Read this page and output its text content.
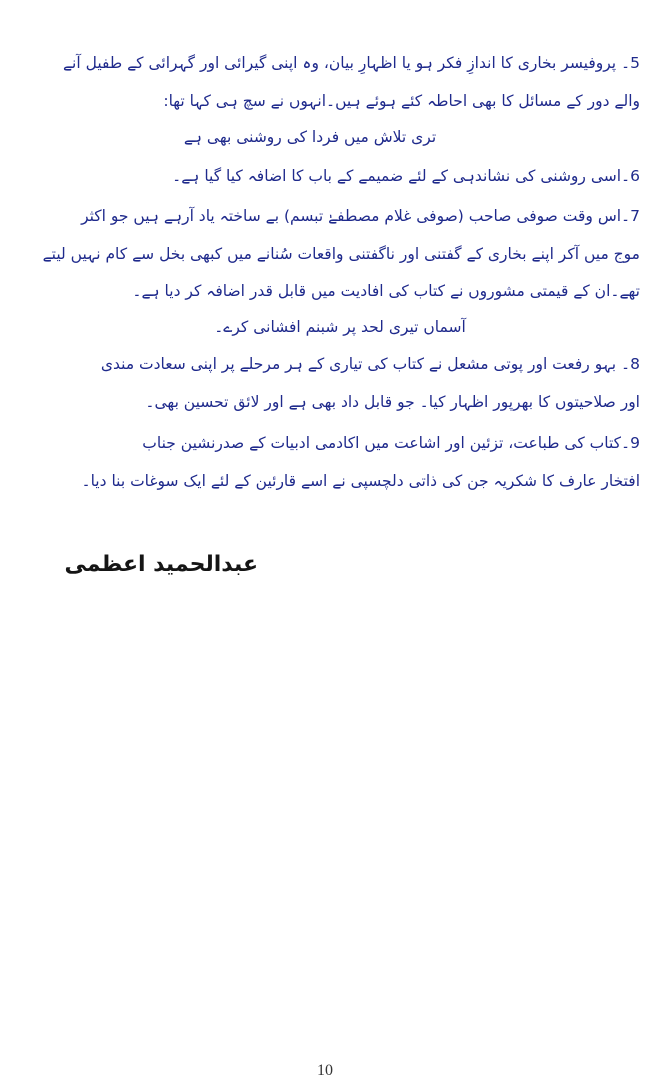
5۔ پروفیسر بخاری کا اندازِ فکر ہو یا اظہارِ بیان، وہ اپنی گیرائی اور گہرائی کے طفیل آنے
والے دور کے مسائل کا بھی احاطہ کئے ہوئے ہیں۔انہوں نے سچ ہی کہا تھا:
تری تلاش میں فردا کی روشنی بھی ہے
6۔اسی روشنی کی نشاندہی کے لئے ضمیمے کے باب کا اضافہ کیا گیا ہے۔
7۔اس وقت صوفی صاحب (صوفی غلام مصطفےٰ تبسم) بے ساختہ یاد آرہے ہیں جو اکثر
موج میں آکر اپنے بخاری کے گفتنی اور ناگفتنی واقعات سُنانے میں کبھی بخل سے کام نہیں لیتے
تھے۔ان کے قیمتی مشوروں نے کتاب کی افادیت میں قابل قدر اضافہ کر دیا ہے۔
آسماں تیری لحد پر شبنم افشانی کرے۔
8۔ بہو رفعت اور پوتی مشعل نے کتاب کی تیاری کے ہر مرحلے پر اپنی سعادت مندی
اور صلاحیتوں کا بھرپور اظہار کیا۔ جو قابل داد بھی ہے اور لائق تحسین بھی۔
9۔کتاب کی طباعت، تزئین اور اشاعت میں اکادمی ادبیات کے صدرنشین جناب
افتخار عارف کا شکریہ جن کی ذاتی دلچسپی نے اسے قارئین کے لئے ایک سوغات بنا دیا۔
عبدالحمید اعظمی
10
